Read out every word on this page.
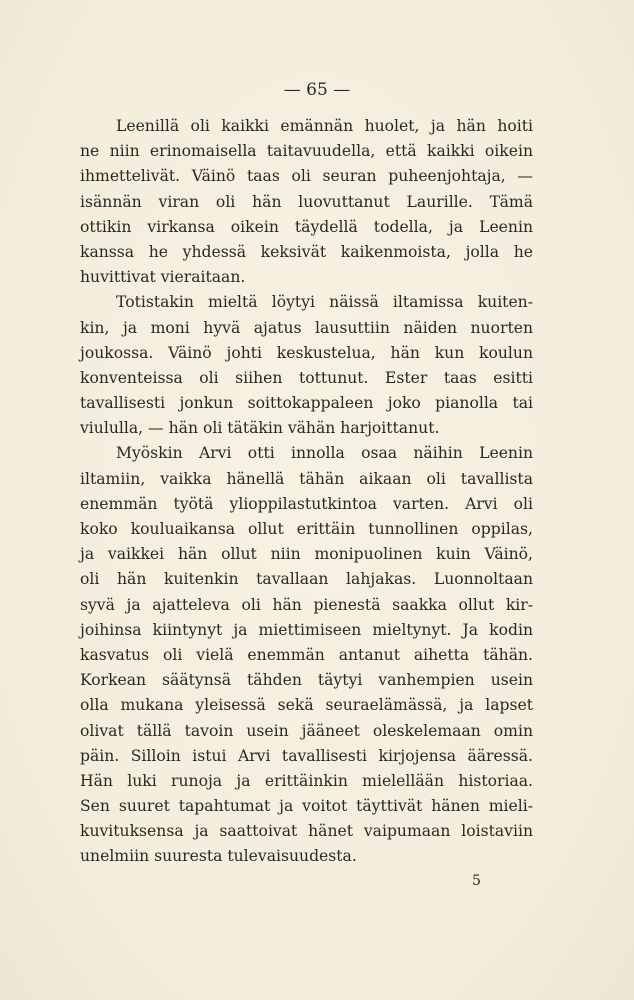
— 65 —

Leenillä oli kaikki emännän huolet, ja hän hoiti
ne niin erinomaisella taitavuudella, että kaikki oikein
ihmettelivät. Väinö taas oli seuran puheenjohtaja, —
isännän viran oli hän luovuttanut Laurille. Tämä
ottikin virkansa oikein täydellä todella, ja Leenin
kanssa he yhdessä keksivät kaikenmoista, jolla he
huvittivat vieraitaan.
Totistakin mieltä löytyi näissä iltamissa kuiten-
kin, ja moni hyvä ajatus lausuttiin näiden nuorten
joukossa. Väinö johti keskustelua, hän kun koulun
konventeissa oli siihen tottunut. Ester taas esitti
tavallisesti jonkun soittokappaleen joko pianolla tai
viululla, — hän oli tätäkin vähän harjoittanut.
Myöskin Arvi otti innolla osaa näihin Leenin
iltamiin, vaikka hänellä tähän aikaan oli tavallista
enemmän työtä ylioppilastutkintoa varten. Arvi oli
koko kouluaikansa ollut erittäin tunnollinen oppilas,
ja vaikkei hän ollut niin monipuolinen kuin Väinö,
oli hän kuitenkin tavallaan lahjakas. Luonnoltaan
syvä ja ajatteleva oli hän pienestä saakka ollut kir-
joihinsa kiintynyt ja miettimiseen mieltynyt. Ja kodin
kasvatus oli vielä enemmän antanut aihetta tähän.
Korkean säätynsä tähden täytyi vanhempien usein
olla mukana yleisessä sekä seuraelämässä, ja lapset
olivat tällä tavoin usein jääneet oleskelemaan omin
päin. Silloin istui Arvi tavallisesti kirjojensa ääressä.
Hän luki runoja ja erittäinkin mielellään historiaa.
Sen suuret tapahtumat ja voitot täyttivät hänen mieli-
kuvituksensa ja saattoivat hänet vaipumaan loistaviin
unelmiin suuresta tulevaisuudesta.

5
